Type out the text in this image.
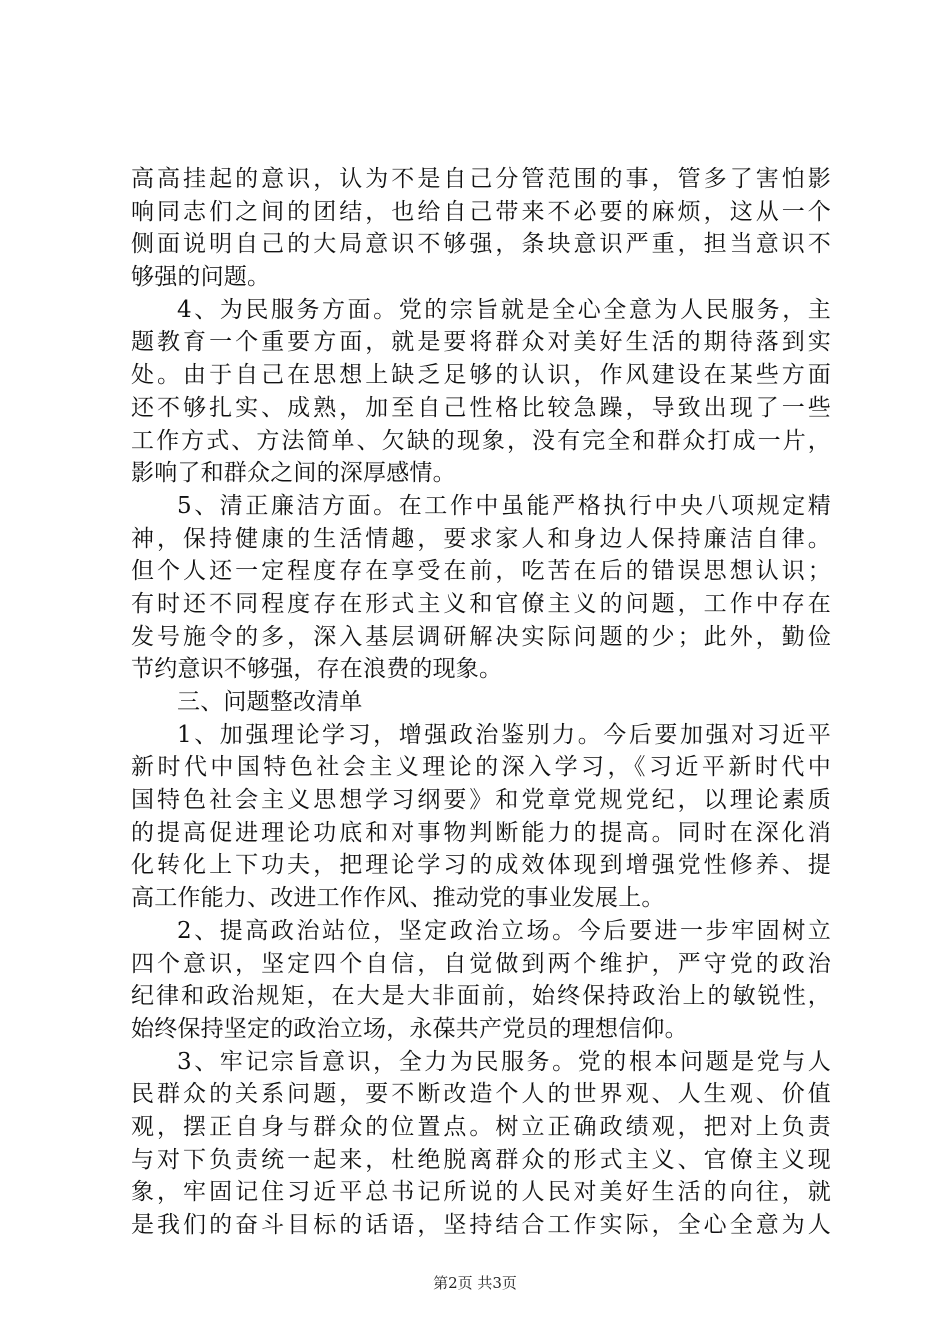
高高挂起的意识，认为不是自己分管范围的事，管多了害怕影
响同志们之间的团结，也给自己带来不必要的麻烦，这从一个
侧面说明自己的大局意识不够强，条块意识严重，担当意识不
够强的问题。
4、为民服务方面。党的宗旨就是全心全意为人民服务，主
题教育一个重要方面，就是要将群众对美好生活的期待落到实
处。由于自己在思想上缺乏足够的认识，作风建设在某些方面
还不够扎实、成熟，加至自己性格比较急躁，导致出现了一些
工作方式、方法简单、欠缺的现象，没有完全和群众打成一片，
影响了和群众之间的深厚感情。
5、清正廉洁方面。在工作中虽能严格执行中央八项规定精
神，保持健康的生活情趣，要求家人和身边人保持廉洁自律。
但个人还一定程度存在享受在前，吃苦在后的错误思想认识；
有时还不同程度存在形式主义和官僚主义的问题，工作中存在
发号施令的多，深入基层调研解决实际问题的少；此外，勤俭
节约意识不够强，存在浪费的现象。
三、问题整改清单
1、加强理论学习，增强政治鉴别力。今后要加强对习近平
新时代中国特色社会主义理论的深入学习，《习近平新时代中
国特色社会主义思想学习纲要》和党章党规党纪，以理论素质
的提高促进理论功底和对事物判断能力的提高。同时在深化消
化转化上下功夫，把理论学习的成效体现到增强党性修养、提
高工作能力、改进工作作风、推动党的事业发展上。
2、提高政治站位，坚定政治立场。今后要进一步牢固树立
四个意识，坚定四个自信，自觉做到两个维护，严守党的政治
纪律和政治规矩，在大是大非面前，始终保持政治上的敏锐性，
始终保持坚定的政治立场，永葆共产党员的理想信仰。
3、牢记宗旨意识，全力为民服务。党的根本问题是党与人
民群众的关系问题，要不断改造个人的世界观、人生观、价值
观，摆正自身与群众的位置点。树立正确政绩观，把对上负责
与对下负责统一起来，杜绝脱离群众的形式主义、官僚主义现
象，牢固记住习近平总书记所说的人民对美好生活的向往，就
是我们的奋斗目标的话语，坚持结合工作实际，全心全意为人
第2页 共3页
